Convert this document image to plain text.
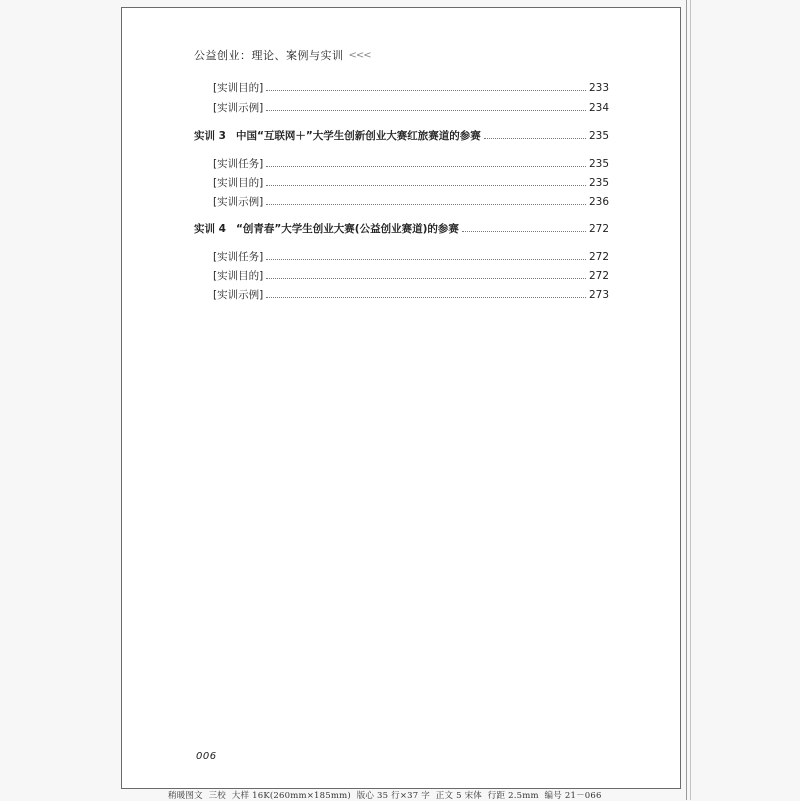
公益创业：理论、案例与实训 <<<
[实训目的]	233
[实训示例]	234
实训 3 中国“互联网＋”大学生创新创业大赛红旅赛道的参赛	235
[实训任务]	235
[实训目的]	235
[实训示例]	236
实训 4 “创青春”大学生创业大赛(公益创业赛道)的参赛	272
[实训任务]	272
[实训目的]	272
[实训示例]	273
006
稍暖图文  三校  大样 16K(260mm×185mm)  版心 35 行×37 字  正文 5 宋体  行距 2.5mm  编号 21－066
